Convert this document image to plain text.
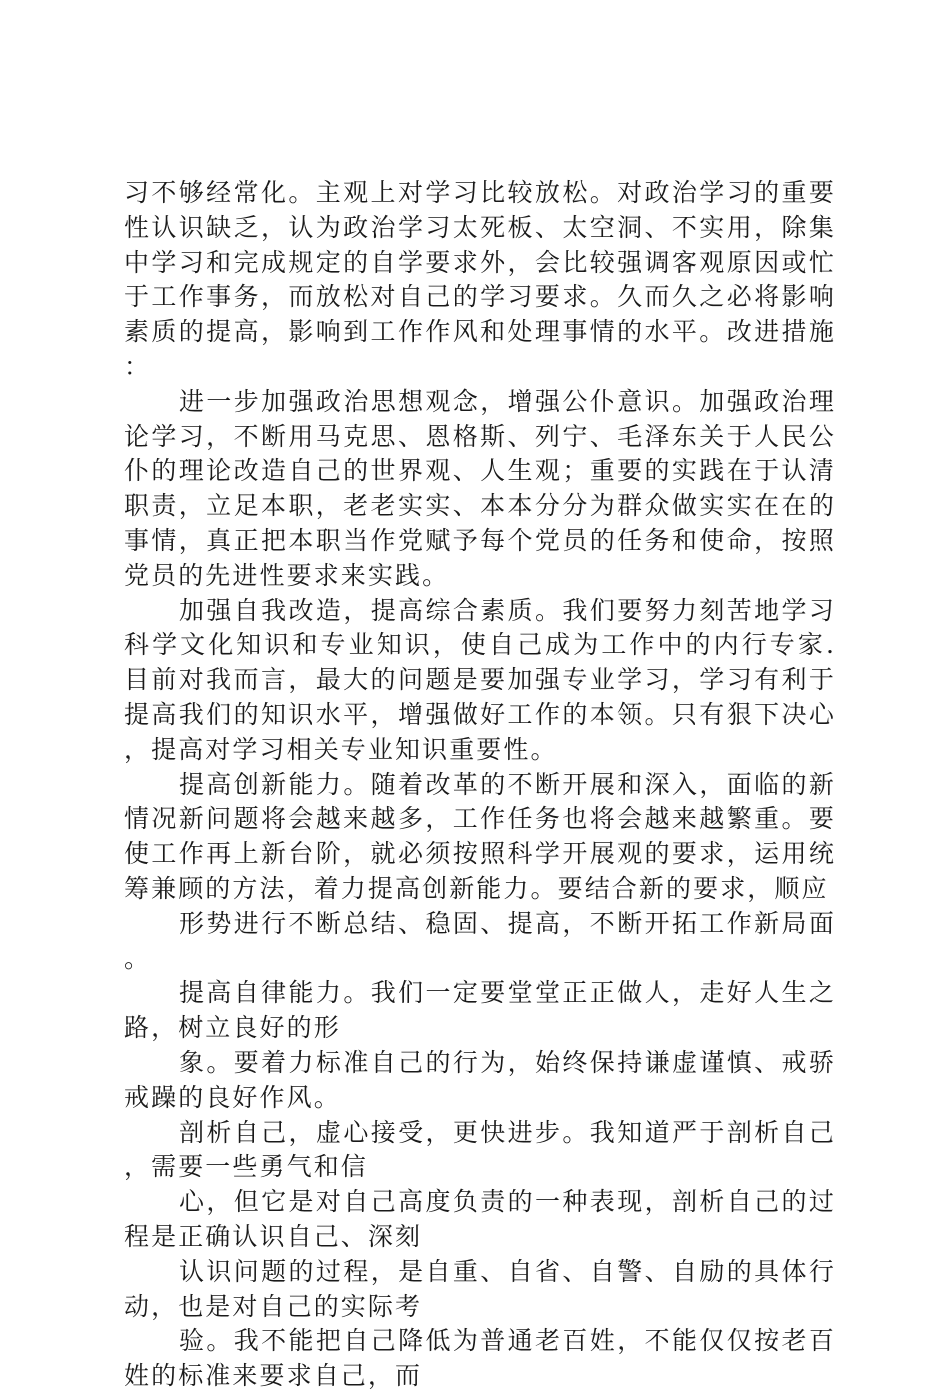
习不够经常化。主观上对学习比较放松。对政治学习的重要性认识缺乏，认为政治学习太死板、太空洞、不实用，除集中学习和完成规定的自学要求外，会比较强调客观原因或忙于工作事务，而放松对自己的学习要求。久而久之必将影响素质的提高，影响到工作作风和处理事情的水平。改进措施：

进一步加强政治思想观念，增强公仆意识。加强政治理论学习，不断用马克思、恩格斯、列宁、毛泽东关于人民公仆的理论改造自己的世界观、人生观；重要的实践在于认清职责，立足本职，老老实实、本本分分为群众做实实在在的事情，真正把本职当作党赋予每个党员的任务和使命，按照党员的先进性要求来实践。

加强自我改造，提高综合素质。我们要努力刻苦地学习科学文化知识和专业知识，使自己成为工作中的内行专家.目前对我而言，最大的问题是要加强专业学习，学习有利于提高我们的知识水平，增强做好工作的本领。只有狠下决心，提高对学习相关专业知识重要性。

提高创新能力。随着改革的不断开展和深入，面临的新情况新问题将会越来越多，工作任务也将会越来越繁重。要使工作再上新台阶，就必须按照科学开展观的要求，运用统筹兼顾的方法，着力提高创新能力。要结合新的要求，顺应

形势进行不断总结、稳固、提高，不断开拓工作新局面。

提高自律能力。我们一定要堂堂正正做人，走好人生之路，树立良好的形

象。要着力标准自己的行为，始终保持谦虚谨慎、戒骄戒躁的良好作风。

剖析自己，虚心接受，更快进步。我知道严于剖析自己，需要一些勇气和信

心，但它是对自己高度负责的一种表现，剖析自己的过程是正确认识自己、深刻

认识问题的过程，是自重、自省、自警、自励的具体行动，也是对自己的实际考

验。我不能把自己降低为普通老百姓，不能仅仅按老百姓的标准来要求自己，而
